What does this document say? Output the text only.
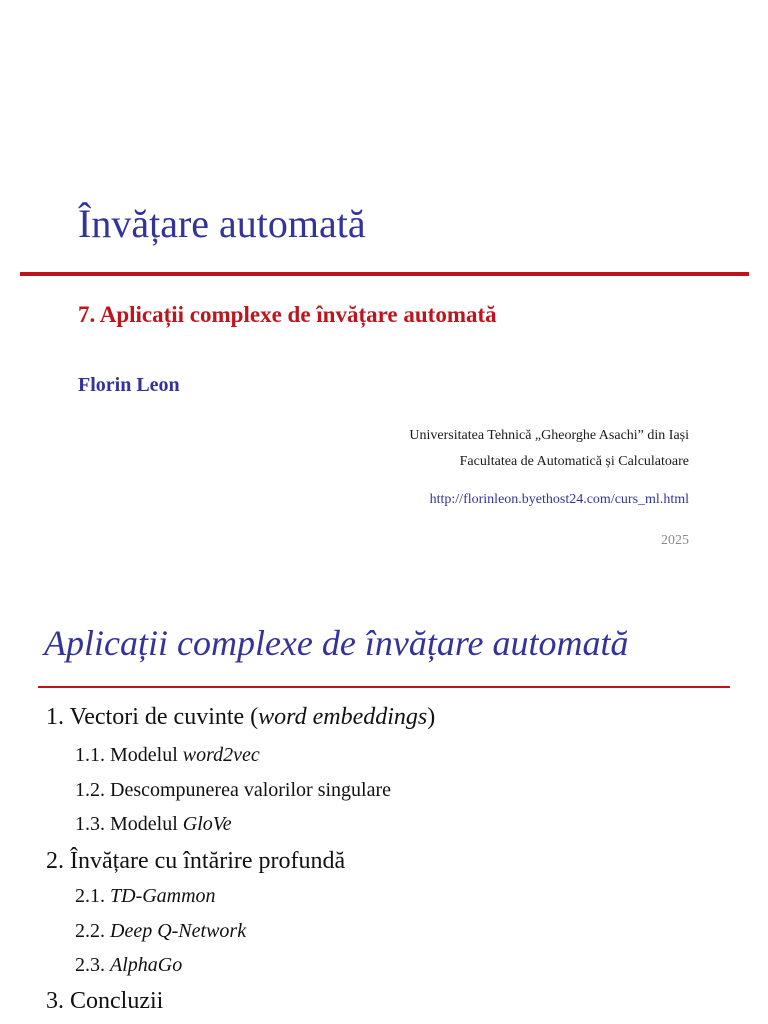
Învățare automată
7. Aplicații complexe de învățare automată
Florin Leon
Universitatea Tehnică „Gheorghe Asachi” din Iași
Facultatea de Automatică și Calculatoare
http://florinleon.byethost24.com/curs_ml.html
2025
Aplicații complexe de învățare automată
1. Vectori de cuvinte (word embeddings)
1.1. Modelul word2vec
1.2. Descompunerea valorilor singulare
1.3. Modelul GloVe
2. Învățare cu întărire profundă
2.1. TD-Gammon
2.2. Deep Q-Network
2.3. AlphaGo
3. Concluzii
